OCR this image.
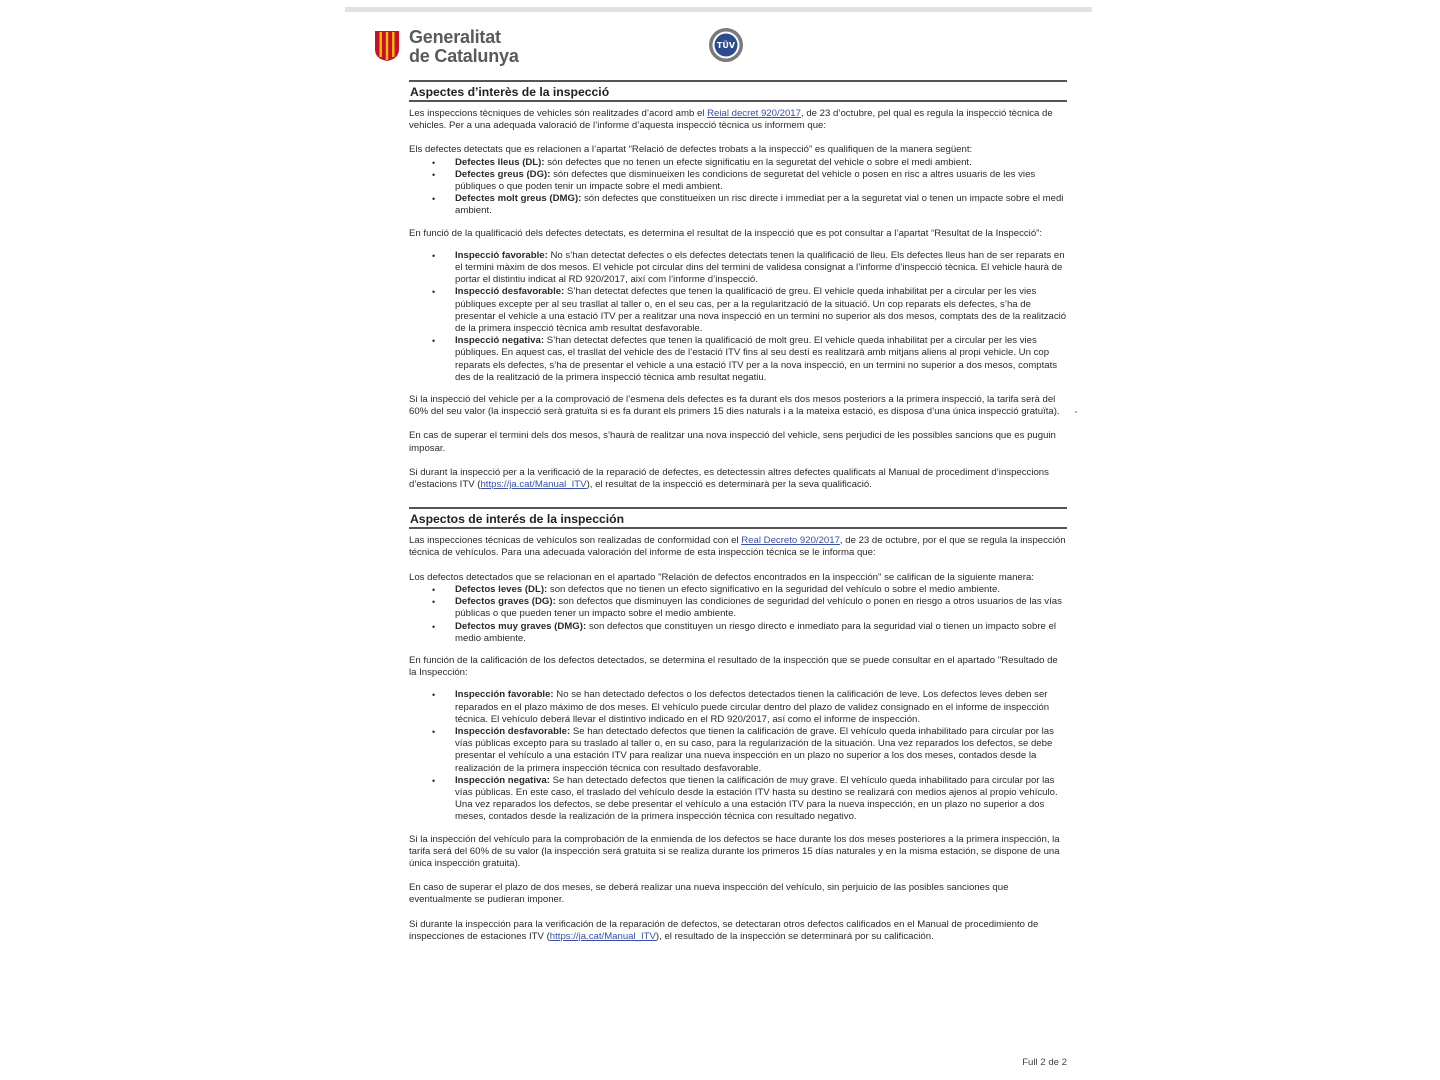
Generalitat
de Catalunya
TÜV
Aspectes d’interès de la inspecció

Les inspeccions tècniques de vehicles són realitzades d’acord amb el Reial decret 920/2017, de 23 d’octubre, pel qual es regula la inspecció tècnica de vehicles. Per a una adequada valoració de l’informe d’aquesta inspecció tècnica us informem que:

Els defectes detectats que es relacionen a l’apartat “Relació de defectes trobats a la inspecció” es qualifiquen de la manera següent:

• Defectes lleus (DL): són defectes que no tenen un efecte significatiu en la seguretat del vehicle o sobre el medi ambient.
• Defectes greus (DG): són defectes que disminueixen les condicions de seguretat del vehicle o posen en risc a altres usuaris de les vies públiques o que poden tenir un impacte sobre el medi ambient.
• Defectes molt greus (DMG): són defectes que constitueixen un risc directe i immediat per a la seguretat vial o tenen un impacte sobre el medi ambient.

En funció de la qualificació dels defectes detectats, es determina el resultat de la inspecció que es pot consultar a l’apartat “Resultat de la Inspecció”:

• Inspecció favorable: No s’han detectat defectes o els defectes detectats tenen la qualificació de lleu. Els defectes lleus han de ser reparats en el termini màxim de dos mesos. El vehicle pot circular dins del termini de validesa consignat a l’informe d’inspecció tècnica. El vehicle haurà de portar el distintiu indicat al RD 920/2017, així com l’informe d’inspecció.
• Inspecció desfavorable: S’han detectat defectes que tenen la qualificació de greu. El vehicle queda inhabilitat per a circular per les vies públiques excepte per al seu trasllat al taller o, en el seu cas, per a la regularització de la situació. Un cop reparats els defectes, s’ha de presentar el vehicle a una estació ITV per a realitzar una nova inspecció en un termini no superior als dos mesos, comptats des de la realització de la primera inspecció tècnica amb resultat desfavorable.
• Inspecció negativa: S’han detectat defectes que tenen la qualificació de molt greu. El vehicle queda inhabilitat per a circular per les vies públiques. En aquest cas, el trasllat del vehicle des de l’estació ITV fins al seu destí es realitzarà amb mitjans aliens al propi vehicle. Un cop reparats els defectes, s’ha de presentar el vehicle a una estació ITV per a la nova inspecció, en un termini no superior a dos mesos, comptats des de la realització de la primera inspecció tècnica amb resultat negatiu.

Si la inspecció del vehicle per a la comprovació de l’esmena dels defectes es fa durant els dos mesos posteriors a la primera inspecció, la tarifa serà del 60% del seu valor (la inspecció serà gratuïta si es fa durant els primers 15 dies naturals i a la mateixa estació, es disposa d’una única inspecció gratuïta).

En cas de superar el termini dels dos mesos, s’haurà de realitzar una nova inspecció del vehicle, sens perjudici de les possibles sancions que es puguin imposar.

Si durant la inspecció per a la verificació de la reparació de defectes, es detectessin altres defectes qualificats al Manual de procediment d’inspeccions d’estacions ITV (https://ja.cat/Manual_ITV), el resultat de la inspecció es determinarà per la seva qualificació.

Aspectos de interés de la inspección

Las inspecciones técnicas de vehículos son realizadas de conformidad con el Real Decreto 920/2017, de 23 de octubre, por el que se regula la inspección técnica de vehículos. Para una adecuada valoración del informe de esta inspección técnica se le informa que:

Los defectos detectados que se relacionan en el apartado "Relación de defectos encontrados en la inspección" se califican de la siguiente manera:

• Defectos leves (DL): son defectos que no tienen un efecto significativo en la seguridad del vehículo o sobre el medio ambiente.
• Defectos graves (DG): son defectos que disminuyen las condiciones de seguridad del vehículo o ponen en riesgo a otros usuarios de las vías públicas o que pueden tener un impacto sobre el medio ambiente.
• Defectos muy graves (DMG): son defectos que constituyen un riesgo directo e inmediato para la seguridad vial o tienen un impacto sobre el medio ambiente.

En función de la calificación de los defectos detectados, se determina el resultado de la inspección que se puede consultar en el apartado "Resultado de la Inspección:

• Inspección favorable: No se han detectado defectos o los defectos detectados tienen la calificación de leve. Los defectos leves deben ser reparados en el plazo máximo de dos meses. El vehículo puede circular dentro del plazo de validez consignado en el informe de inspección técnica. El vehículo deberá llevar el distintivo indicado en el RD 920/2017, así como el informe de inspección.
• Inspección desfavorable: Se han detectado defectos que tienen la calificación de grave. El vehículo queda inhabilitado para circular por las vías públicas excepto para su traslado al taller o, en su caso, para la regularización de la situación. Una vez reparados los defectos, se debe presentar el vehículo a una estación ITV para realizar una nueva inspección en un plazo no superior a los dos meses, contados desde la realización de la primera inspección técnica con resultado desfavorable.
• Inspección negativa: Se han detectado defectos que tienen la calificación de muy grave. El vehículo queda inhabilitado para circular por las vías públicas. En este caso, el traslado del vehículo desde la estación ITV hasta su destino se realizará con medios ajenos al propio vehículo. Una vez reparados los defectos, se debe presentar el vehículo a una estación ITV para la nueva inspección, en un plazo no superior a dos meses, contados desde la realización de la primera inspección técnica con resultado negativo.

Si la inspección del vehículo para la comprobación de la enmienda de los defectos se hace durante los dos meses posteriores a la primera inspección, la tarifa será del 60% de su valor (la inspección será gratuita si se realiza durante los primeros 15 días naturales y en la misma estación, se dispone de una única inspección gratuita).

En caso de superar el plazo de dos meses, se deberá realizar una nueva inspección del vehículo, sin perjuicio de las posibles sanciones que eventualmente se pudieran imponer.

Si durante la inspección para la verificación de la reparación de defectos, se detectaran otros defectos calificados en el Manual de procedimiento de inspecciones de estaciones ITV (https://ja.cat/Manual_ITV), el resultado de la inspección se determinará por su calificación.

Full 2 de 2
